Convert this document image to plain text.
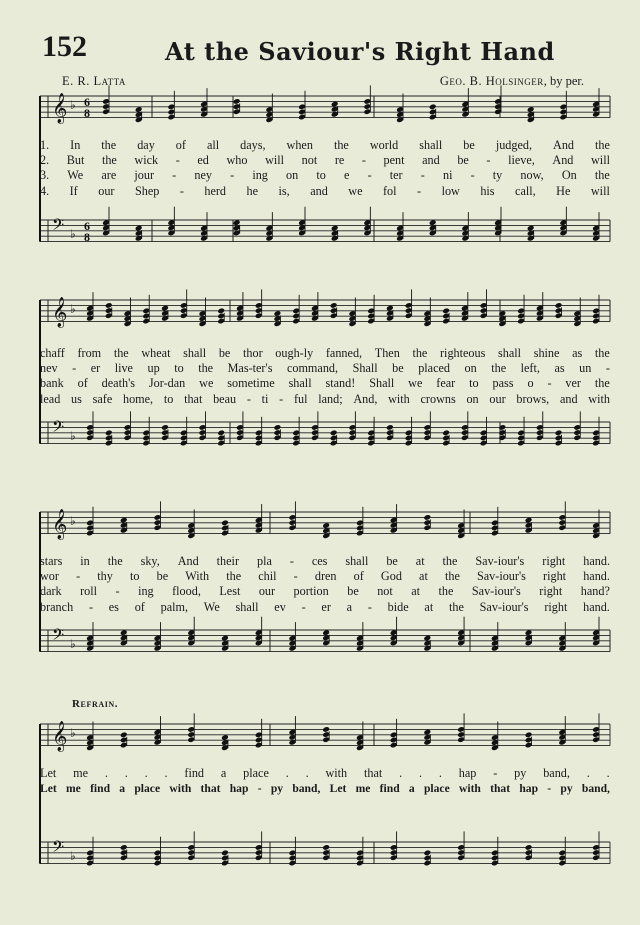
152	At the Saviour's Right Hand
E. R. Latta	Geo. B. Holsinger, by per.
𝄞 ♭
𝄢 ♭
6
8
6
8
1. In the day of all days, when the world shall be judged, And the
2. But the wick - ed who will not re - pent and be - lieve, And will
3. We are jour - ney - ing on to e - ter - ni - ty now, On the
4. If our Shep - herd he is, and we fol - low his call, He will
𝄞 ♭
𝄢 ♭
chaff from the wheat shall be thor ough-ly fanned, Then the righteous shall shine as the
nev - er live up to the Mas-ter's command, Shall be placed on the left, as un -
bank of death's Jor-dan we sometime shall stand! Shall we fear to pass o - ver the
lead us safe home, to that beau - ti - ful land; And, with crowns on our brows, and with
𝄞 ♭
𝄢 ♭
stars in the sky, And their pla - ces shall be at the Sav-iour's right hand.
wor - thy to be With the chil - dren of God at the Sav-iour's right hand.
dark roll - ing flood, Lest our portion be not at the Sav-iour's right hand?
branch - es of palm, We shall ev - er a - bide at the Sav-iour's right hand.
Refrain.
𝄞 ♭
𝄢 ♭
Let me . . . . find a place . . with that . . . hap - py band, . .
Let me find a place with that hap - py band, Let me find a place with that hap - py band,
